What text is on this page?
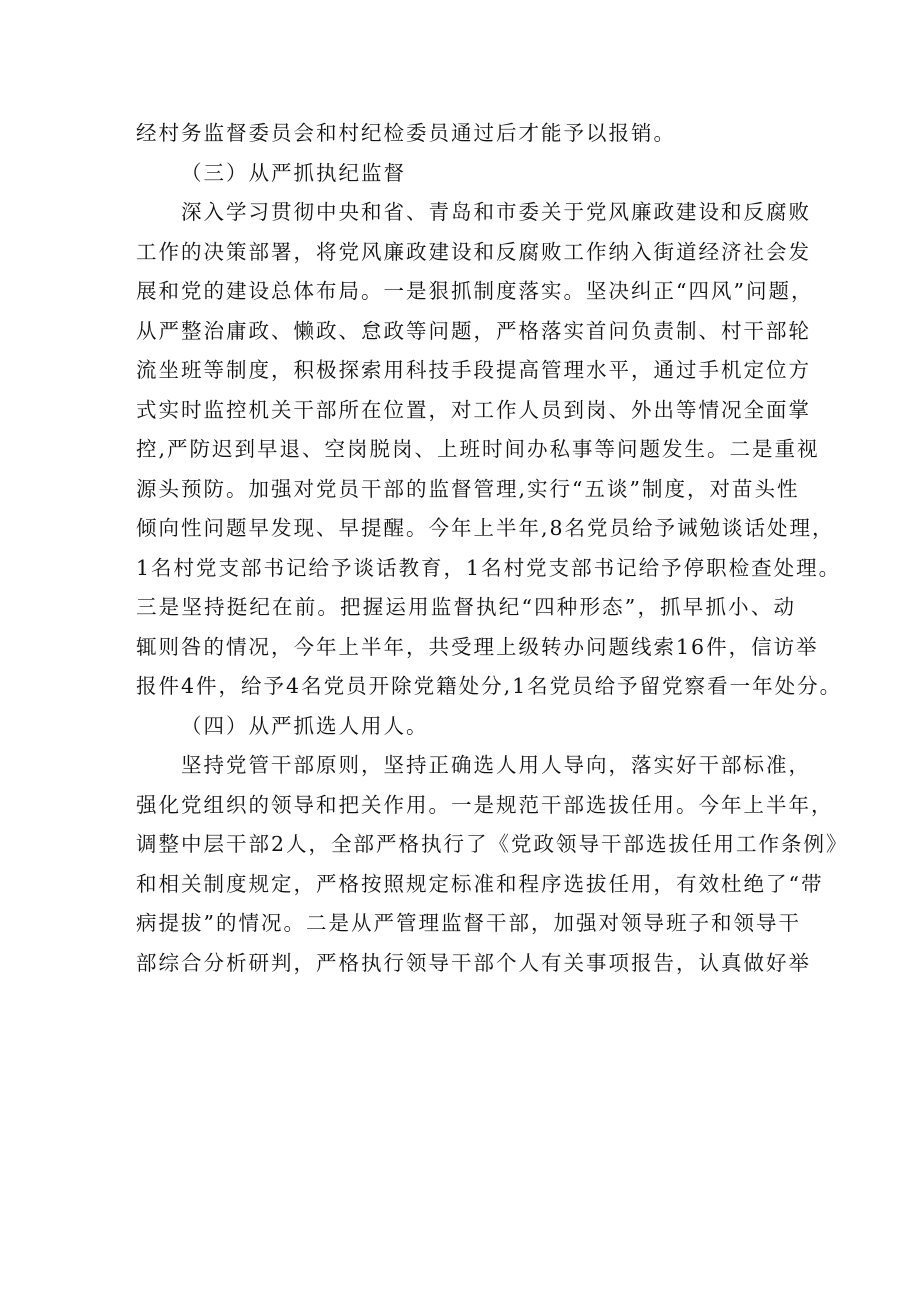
经村务监督委员会和村纪检委员通过后才能予以报销。
（三）从严抓执纪监督
深入学习贯彻中央和省、青岛和市委关于党风廉政建设和反腐败
工作的决策部署，将党风廉政建设和反腐败工作纳入街道经济社会发
展和党的建设总体布局。一是狠抓制度落实。坚决纠正“四风”问题，
从严整治庸政、懒政、怠政等问题，严格落实首问负责制、村干部轮
流坐班等制度，积极探索用科技手段提高管理水平，通过手机定位方
式实时监控机关干部所在位置，对工作人员到岗、外出等情况全面掌
控,严防迟到早退、空岗脱岗、上班时间办私事等问题发生。二是重视
源头预防。加强对党员干部的监督管理,实行“五谈”制度，对苗头性
倾向性问题早发现、早提醒。今年上半年,8名党员给予诫勉谈话处理，
1名村党支部书记给予谈话教育，1名村党支部书记给予停职检查处理。
三是坚持挺纪在前。把握运用监督执纪“四种形态”，抓早抓小、动
辄则咎的情况，今年上半年，共受理上级转办问题线索16件，信访举
报件4件，给予4名党员开除党籍处分,1名党员给予留党察看一年处分。
（四）从严抓选人用人。
坚持党管干部原则，坚持正确选人用人导向，落实好干部标准，
强化党组织的领导和把关作用。一是规范干部选拔任用。今年上半年，
调整中层干部2人，全部严格执行了《党政领导干部选拔任用工作条例》
和相关制度规定，严格按照规定标准和程序选拔任用，有效杜绝了“带
病提拔”的情况。二是从严管理监督干部，加强对领导班子和领导干
部综合分析研判，严格执行领导干部个人有关事项报告，认真做好举
